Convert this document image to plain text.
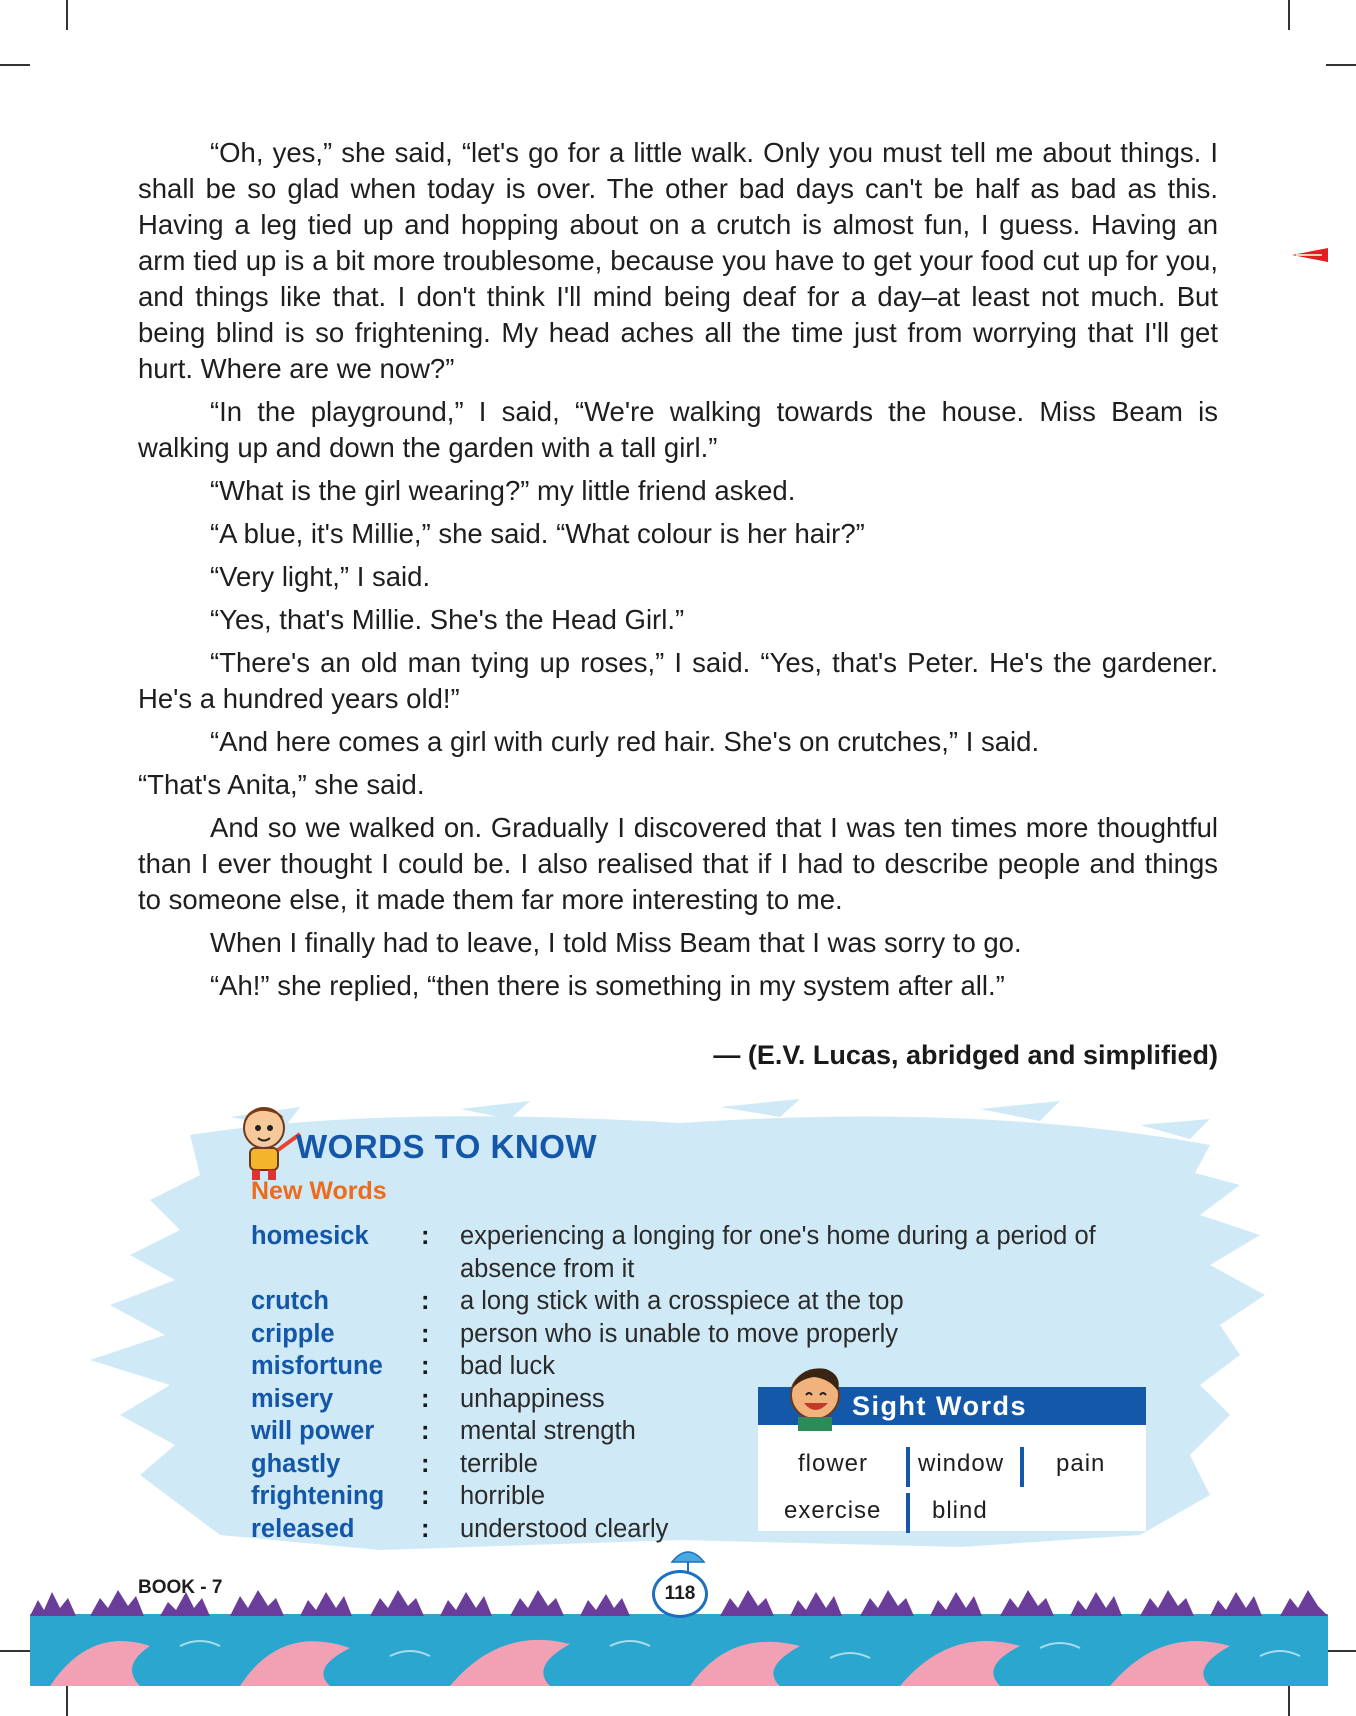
“Oh, yes,” she said, “let's go for a little walk. Only you must tell me about things. I shall be so glad when today is over. The other bad days can't be half as bad as this. Having a leg tied up and hopping about on a crutch is almost fun, I guess. Having an arm tied up is a bit more troublesome, because you have to get your food cut up for you, and things like that. I don't think I'll mind being deaf for a day–at least not much. But being blind is so frightening. My head aches all the time just from worrying that I'll get hurt. Where are we now?”

“In the playground,” I said, “We're walking towards the house. Miss Beam is walking up and down the garden with a tall girl.”

“What is the girl wearing?” my little friend asked.

“A blue, it's Millie,” she said. “What colour is her hair?”

“Very light,” I said.

“Yes, that's Millie. She's the Head Girl.”

“There's an old man tying up roses,” I said. “Yes, that's Peter. He's the gardener. He's a hundred years old!”

“And here comes a girl with curly red hair. She's on crutches,” I said.

“That's Anita,” she said.

And so we walked on. Gradually I discovered that I was ten times more thoughtful than I ever thought I could be. I also realised that if I had to describe people and things to someone else, it made them far more interesting to me.

When I finally had to leave, I told Miss Beam that I was sorry to go.

“Ah!” she replied, “then there is something in my system after all.”

— (E.V. Lucas, abridged and simplified)
WORDS TO KNOW
New Words
homesick : experiencing a longing for one's home during a period of absence from it
crutch	: a long stick with a crosspiece at the top
cripple	: person who is unable to move properly
misfortune : bad luck
misery	: unhappiness
will power : mental strength
ghastly	: terrible
frightening : horrible
released	: understood clearly
Sight Words
flower window pain
exercise blind
BOOK - 7	118
